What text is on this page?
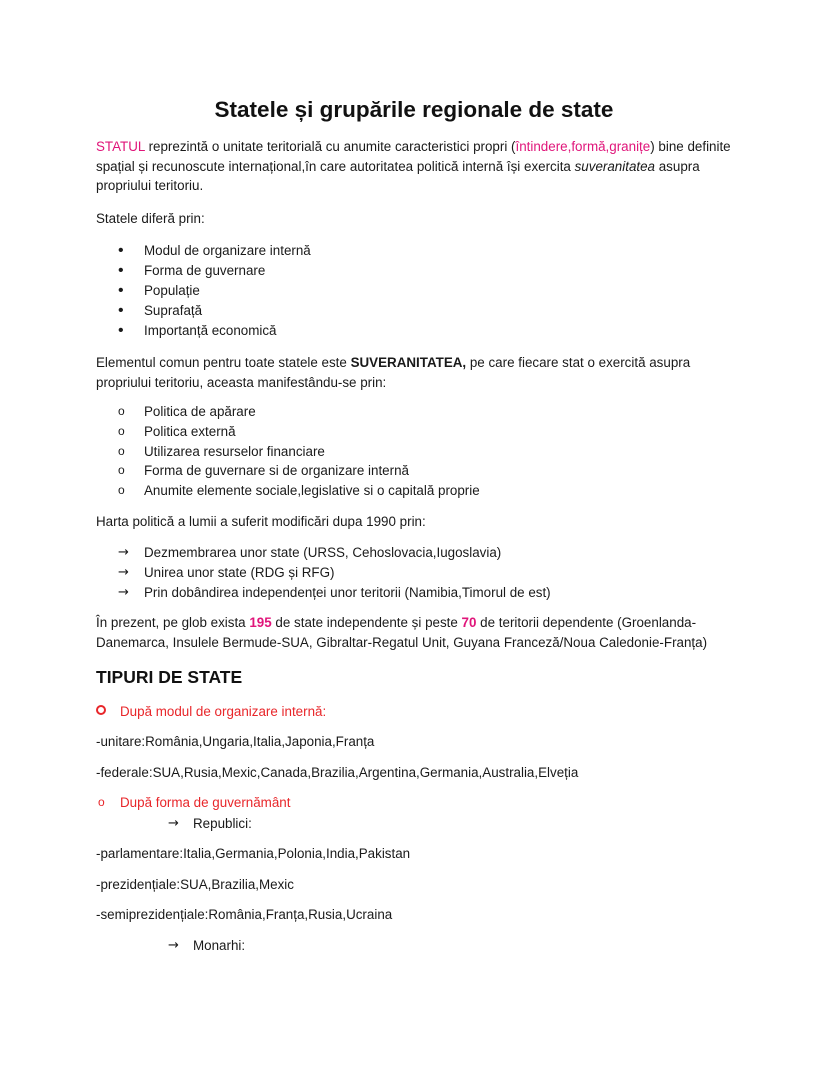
Statele și grupările regionale de state

STATUL reprezintă o unitate teritorială cu anumite caracteristici propri (întindere,formă,granițe) bine definite spațial și recunoscute internațional,în care autoritatea politică internă își exercita suveranitatea asupra propriului teritoriu.

Statele diferă prin:

• Modul de organizare internă
• Forma de guvernare
• Populație
• Suprafață
• Importanță economică

Elementul comun pentru toate statele este SUVERANITATEA, pe care fiecare stat o exercită asupra propriului teritoriu, aceasta manifestându-se prin:

o Politica de apărare
o Politica externă
o Utilizarea resurselor financiare
o Forma de guvernare si de organizare internă
o Anumite elemente sociale,legislative si o capitală proprie

Harta politică a lumii a suferit modificări dupa 1990 prin:

→ Dezmembrarea unor state (URSS, Cehoslovacia,Iugoslavia)
→ Unirea unor state (RDG și RFG)
→ Prin dobândirea independenței unor teritorii (Namibia,Timorul de est)

În prezent, pe glob exista 195 de state independente și peste 70 de teritorii dependente (Groenlanda-Danemarca, Insulele Bermude-SUA, Gibraltar-Regatul Unit, Guyana Franceză/Noua Caledonie-Franța)

TIPURI DE STATE
După modul de organizare internă:

-unitare:România,Ungaria,Italia,Japonia,Franța

-federale:SUA,Rusia,Mexic,Canada,Brazilia,Argentina,Germania,Australia,Elveția

o După forma de guvernământ
→ Republici:

-parlamentare:Italia,Germania,Polonia,India,Pakistan

-prezidențiale:SUA,Brazilia,Mexic

-semiprezidențiale:România,Franța,Rusia,Ucraina

→ Monarhi:
